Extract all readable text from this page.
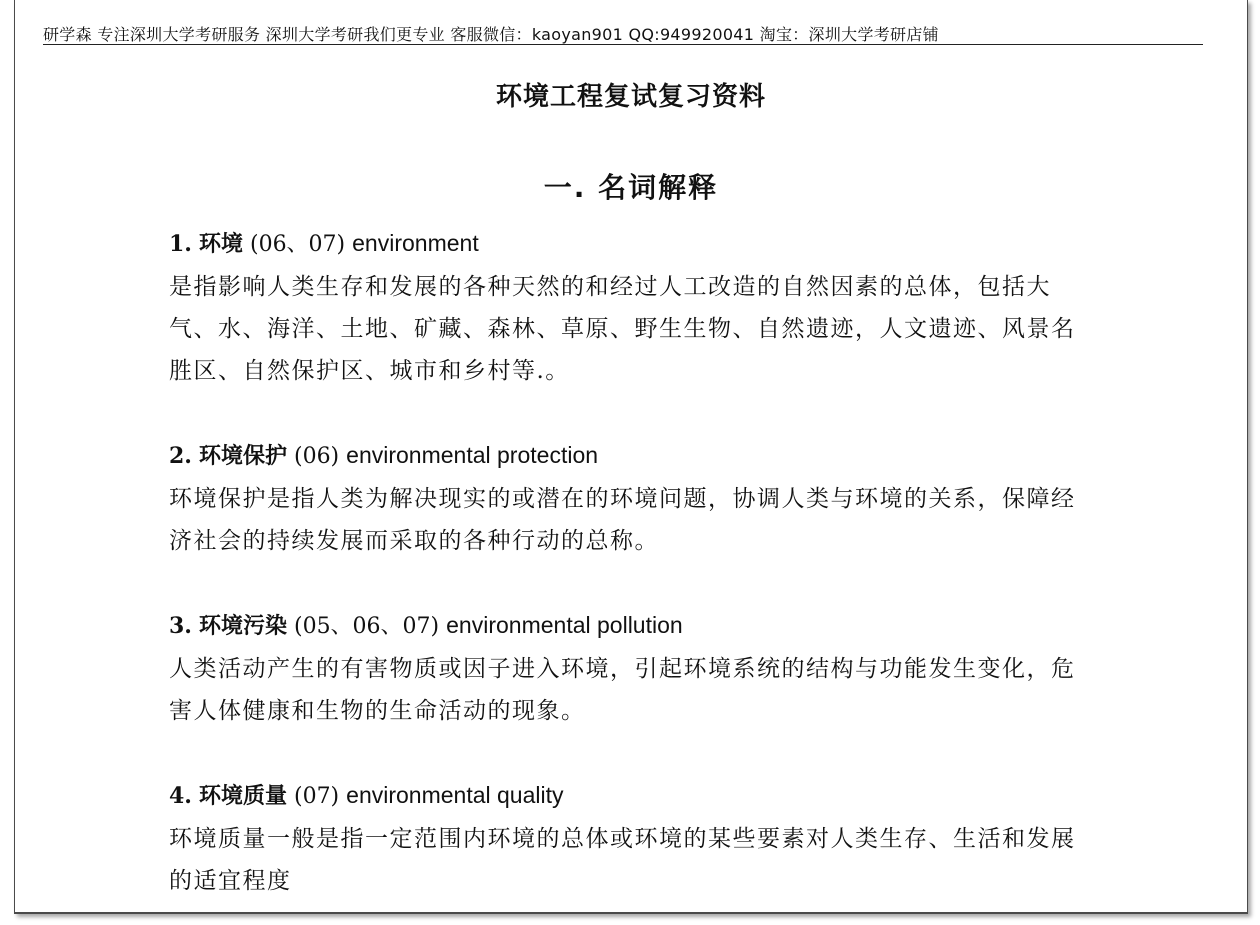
研学森 专注深圳大学考研服务 深圳大学考研我们更专业 客服微信：kaoyan901 QQ:949920041 淘宝：深圳大学考研店铺
环境工程复试复习资料
一. 名词解释
1. 环境 (06、07) environment
是指影响人类生存和发展的各种天然的和经过人工改造的自然因素的总体，包括大气、水、海洋、土地、矿藏、森林、草原、野生生物、自然遗迹，人文遗迹、风景名胜区、自然保护区、城市和乡村等.。
2. 环境保护 (06) environmental protection
环境保护是指人类为解决现实的或潜在的环境问题，协调人类与环境的关系，保障经济社会的持续发展而采取的各种行动的总称。
3. 环境污染 (05、06、07) environmental pollution
人类活动产生的有害物质或因子进入环境，引起环境系统的结构与功能发生变化，危害人体健康和生物的生命活动的现象。
4. 环境质量 (07) environmental quality
环境质量一般是指一定范围内环境的总体或环境的某些要素对人类生存、生活和发展的适宜程度
